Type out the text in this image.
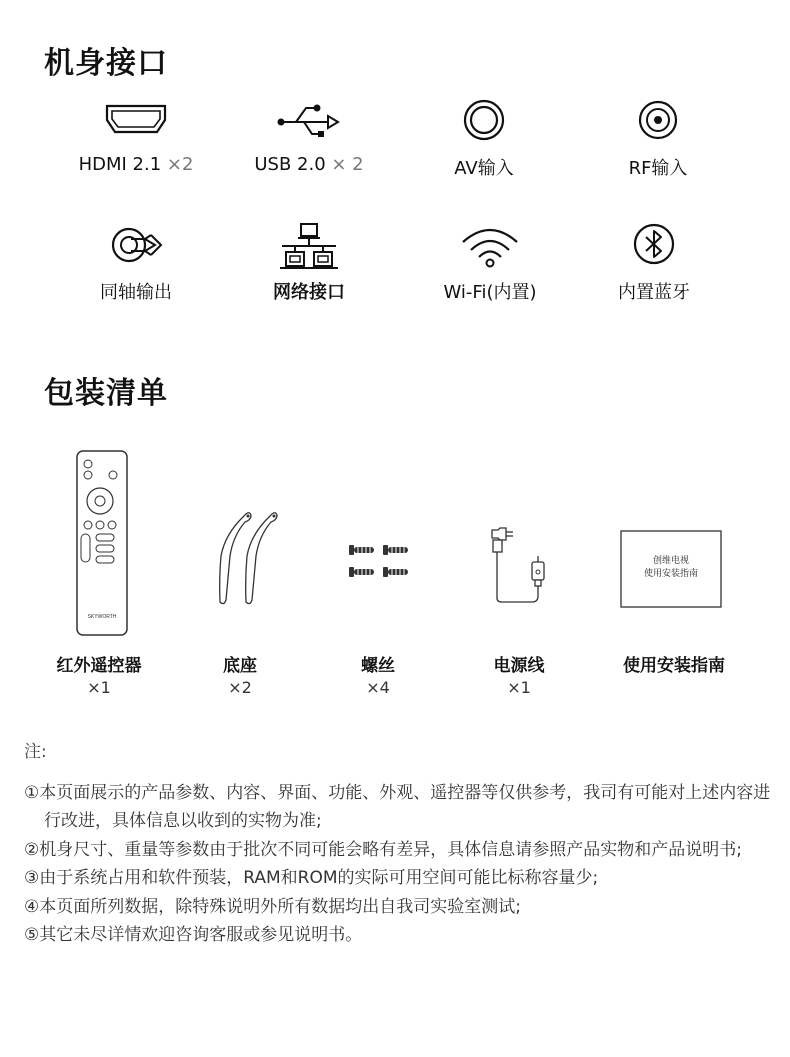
机身接口
HDMI 2.1 ×2	USB 2.0 × 2	AV输入	RF输入
同轴输出	网络接口	Wi-Fi(内置)	内置蓝牙
包装清单
SKYWORTH
创维电视
使用安装指南
红外遥控器
×1
底座
×2
螺丝
×4
电源线
×1
使用安装指南
注:
①本页面展示的产品参数、内容、界面、功能、外观、遥控器等仅供参考，我司有可能对上述内容进行改进，具体信息以收到的实物为准;
②机身尺寸、重量等参数由于批次不同可能会略有差异，具体信息请参照产品实物和产品说明书;
③由于系统占用和软件预装，RAM和ROM的实际可用空间可能比标称容量少;
④本页面所列数据，除特殊说明外所有数据均出自我司实验室测试;
⑤其它未尽详情欢迎咨询客服或参见说明书。
